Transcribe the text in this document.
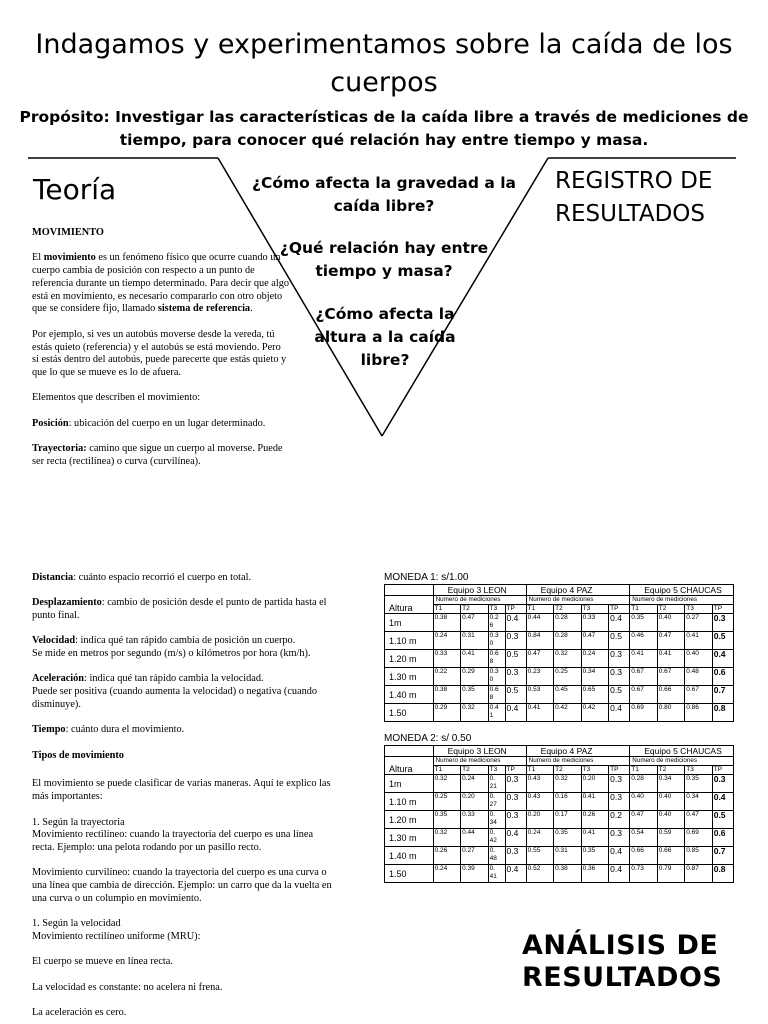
Indagamos y experimentamos sobre la caída de los cuerpos

Propósito: Investigar las características de la caída libre a través de mediciones de tiempo, para conocer qué relación hay entre tiempo y masa.

¿Cómo afecta la gravedad a la caída libre?
¿Qué relación hay entre tiempo y masa?
¿Cómo afecta la altura a la caída libre?
Teoría	REGISTRO DE RESULTADOS

MOVIMIENTO

El movimiento es un fenómeno físico que ocurre cuando un cuerpo cambia de posición con respecto a un punto de referencia durante un tiempo determinado. Para decir que algo está en movimiento, es necesario compararlo con otro objeto que se considere fijo, llamado sistema de referencia.

Por ejemplo, si ves un autobús moverse desde la vereda, tú estás quieto (referencia) y el autobús se está moviendo. Pero si estás dentro del autobús, puede parecerte que estás quieto y que lo que se mueve es lo de afuera.

Elementos que describen el movimiento:

Posición: ubicación del cuerpo en un lugar determinado.

Trayectoria: camino que sigue un cuerpo al moverse. Puede ser recta (rectilínea) o curva (curvilínea).

Distancia: cuánto espacio recorrió el cuerpo en total.

Desplazamiento: cambio de posición desde el punto de partida hasta el punto final.

Velocidad: indica qué tan rápido cambia de posición un cuerpo.
Se mide en metros por segundo (m/s) o kilómetros por hora (km/h).

Aceleración: indica qué tan rápido cambia la velocidad.
Puede ser positiva (cuando aumenta la velocidad) o negativa (cuando disminuye).

Tiempo: cuánto dura el movimiento.

Tipos de movimiento

El movimiento se puede clasificar de varias maneras. Aquí te explico las más importantes:

1. Según la trayectoria
Movimiento rectilíneo: cuando la trayectoria del cuerpo es una línea recta. Ejemplo: una pelota rodando por un pasillo recto.

Movimiento curvilíneo: cuando la trayectoria del cuerpo es una curva o una línea que cambia de dirección. Ejemplo: un carro que da la vuelta en una curva o un columpio en movimiento.

1. Según la velocidad
Movimiento rectilíneo uniforme (MRU):

El cuerpo se mueve en línea recta.

La velocidad es constante: no acelera ni frena.

La aceleración es cero.

MONEDA 1: s/1.00
MONEDA 2: s/ 0.50
	Equipo 3 LEON				Equipo 4 PAZ				Equipo 5 CHAUCAS			
Altura	Numero de mediciones				Numero de mediciones				Numero de mediciones			
	T1	T2	T3	TP	T1	T2	T3	TP	T1	T2	T3	TP
1m	0.38	0.47	0.2 6	0.4	0.44	0.28	0.33	0.4	0.35	0.40	0.27	0.3
1.10 m	0.24	0.31	0.3 0	0.3	0.84	0.28	0.47	0.5	0.46	0.47	0.41	0.5
1.20 m	0.33	0.41	0.6 8	0.5	0.47	0.32	0.24	0.3	0.41	0.41	0.40	0.4
1.30 m	0.22	0.29	0.3 0	0.3	0.23	0.25	0.34	0.3	0.67	0.67	0.48	0.6
1.40 m	0.38	0.35	0.6 8	0.5	0.53	0.45	0.65	0.5	0.67	0.66	0.67	0.7
1.50	0.29	0.32	0.4 1	0.4	0.41	0.42	0.42	0.4	0.69	0.80	0.86	0.8
	Equipo 3 LEON				Equipo 4 PAZ				Equipo 5 CHAUCAS			
Altura	Numero de mediciones				Numero de mediciones				Numero de mediciones			
	T1	T2	T3	TP	T1	T2	T3	TP	T1	T2	T3	TP
1m	0.32	0.24	0. 21	0.3	0.43	0.32	0.20	0.3	0.28	0.34	0.35	0.3
1.10 m	0.25	0.20	0. 27	0.3	0.43	0.16	0.41	0.3	0.40	0.40	0.34	0.4
1.20 m	0.35	0.33	0. 34	0.3	0.20	0.17	0.26	0.2	0.47	0.40	0.47	0.5
1.30 m	0.32	0.44	0. 42	0.4	0.24	0.35	0.41	0.3	0.54	0.59	0.69	0.6
1.40 m	0.26	0.27	0. 48	0.3	0.55	0.31	0.35	0.4	0.66	0.66	0.85	0.7
1.50	0.24	0.39	0. 41	0.4	0.52	0.38	0.36	0.4	0.73	0.79	0.87	0.8
ANÁLISIS DE RESULTADOS
